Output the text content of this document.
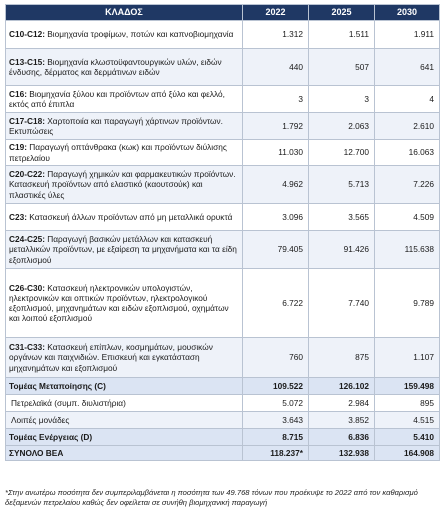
ΚΛΑΔΟΣ	2022	2025	2030
C10-C12: Βιομηχανία τροφίμων, ποτών και καπνοβιομηχανία	1.312	1.511	1.911
C13-C15: Βιομηχανία κλωστοϋφαντουργικών υλών, ειδών ένδυσης, δέρματος και δερμάτινων ειδών	440	507	641
C16: Βιομηχανία ξύλου και προϊόντων από ξύλο και φελλό, εκτός από έπιπλα	3	3	4
C17-C18: Χαρτοποιία και παραγωγή χάρτινων προϊόντων. Εκτυπώσεις	1.792	2.063	2.610
C19: Παραγωγή οπτάνθρακα (κωκ) και προϊόντων διύλισης πετρελαίου	11.030	12.700	16.063
C20-C22: Παραγωγή χημικών και φαρμακευτικών προϊόντων. Κατασκευή προϊόντων από ελαστικό (καουτσούκ) και πλαστικές ύλες	4.962	5.713	7.226
C23: Κατασκευή άλλων προϊόντων από μη μεταλλικά ορυκτά	3.096	3.565	4.509
C24-C25: Παραγωγή βασικών μετάλλων και κατασκευή μεταλλικών προϊόντων, με εξαίρεση τα μηχανήματα και τα είδη εξοπλισμού	79.405	91.426	115.638
C26-C30: Κατασκευή ηλεκτρονικών υπολογιστών, ηλεκτρονικών και οπτικών προϊόντων, ηλεκτρολογικού εξοπλισμού, μηχανημάτων και ειδών εξοπλισμού, οχημάτων και λοιπού εξοπλισμού	6.722	7.740	9.789
C31-C33: Κατασκευή επίπλων, κοσμημάτων, μουσικών οργάνων και παιχνιδιών. Επισκευή και εγκατάσταση μηχανημάτων και εξοπλισμού	760	875	1.107
Τομέας Μεταποίησης (C)	109.522	126.102	159.498
Πετρελαϊκά (συμπ. διυλιστήρια)	5.072	2.984	895
Λοιπές μονάδες	3.643	3.852	4.515
Τομέας Ενέργειας (D)	8.715	6.836	5.410
ΣΥΝΟΛΟ ΒΕΑ	118.237*	132.938	164.908
*Στην ανωτέρω ποσότητα δεν συμπεριλαμβάνεται η ποσότητα των 49.768 τόνων που προέκυψε το 2022 από τον καθαρισμό δεξαμενών πετρελαίου καθώς δεν οφείλεται σε συνήθη βιομηχανική παραγωγή
